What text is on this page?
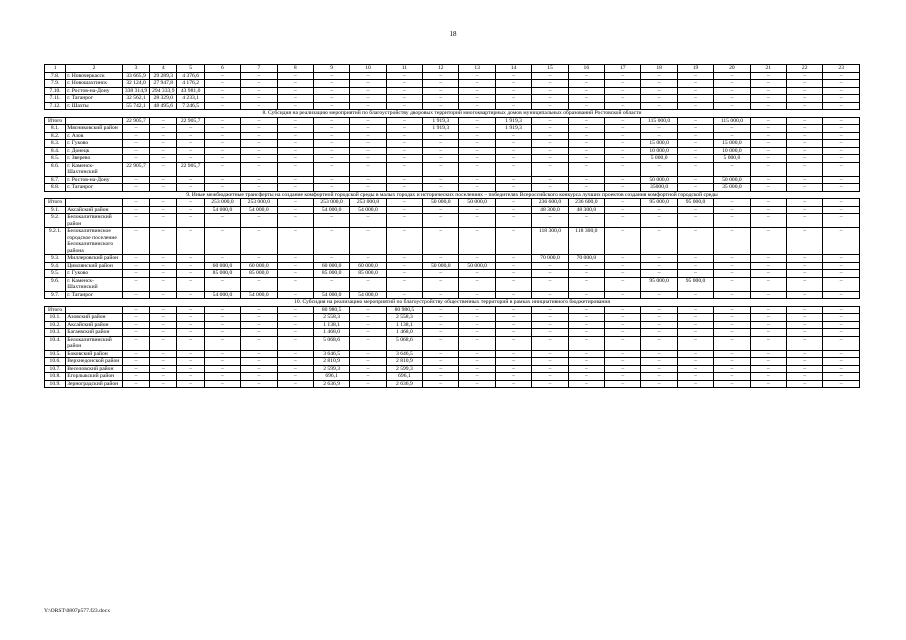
18
1	2	3	4	5	6	7	8	9	10	11	12	13	14	15	16	17	18	19	20	21	22	23
7.8.	г. Новочеркасск	33 665,9	29 289,3	4 376,6	–	–	–	–	–	–	–	–	–	–	–	–	–	–	–	–	–	–
7.9.	г. Новошахтинск	32 124,0	27 947,8	4 176,2	–	–	–	–	–	–	–	–	–	–	–	–	–	–	–	–	–	–
7.10.	г. Ростов-на-Дону	338 314,9	294 333,9	43 981,0	–	–	–	–	–	–	–	–	–	–	–	–	–	–	–	–	–	–
7.11.	г. Таганрог	32 562,1	28 329,0	4 233,1	–	–	–	–	–	–	–	–	–	–	–	–	–	–	–	–	–	–
7.12.	г. Шахты	55 742,1	48 495,6	7 246,5	–	–	–	–	–	–	–	–	–	–	–	–	–	–	–	–	–	–
8. Субсидия на реализацию мероприятий по благоустройству дворовых территорий многоквартирных домов муниципальных образований Ростовской области																						
Итого		22 905,7	–	22 905,7	–	–	–	–	–	–	1 919,3	–	1 919,3	–	–	–	115 000,0	–	115 000,0	–	–	–
8.1.	Мясниковский район	–	–	–	–	–	–	–	–	–	1 919,3	–	1 919,3	–	–	–	–	–	–	–	–	–
8.2.	г. Азов	–	–	–	–	–	–	–	–	–	–	–	–	–	–	–	–	–	–	–	–	–
8.3.	г. Гуково	–	–	–	–	–	–	–	–	–	–	–	–	–	–	–	15 000,0	–	15 000,0	–	–	–
8.4.	г. Донецк	–	–	–	–	–	–	–	–	–	–	–	–	–	–	–	10 000,0	–	10 000,0	–	–	–
8.5.	г. Зверево	–	–	–	–	–	–	–	–	–	–	–	–	–	–	–	5 000,0	–	5 000,0	–	–	–
8.6.	г. Каменск-Шахтинский	22 905,7	–	22 905,7	–	–	–	–	–	–	–	–	–	–	–	–	–	–	–	–	–	–
8.7.	г. Ростов-на-Дону	–	–	–	–	–	–	–	–	–	–	–	–	–	–	–	50 000,0	–	50 000,0	–	–	–
8.8.	г. Таганрог	–	–	–	–	–	–	–	–	–	–	–	–	–	–	–	35000,0	–	35 000,0	–	–	–
9. Иные межбюджетные трансферты на создание комфортной городской среды в малых городах и исторических поселениях – победителях Всероссийского конкурса лучших проектов создания комфортной городской среды																						
Итого		–	–	–	253 000,0	253 000,0	–	253 000,0	253 000,0	–	50 000,0	50 000,0	–	236 600,0	236 600,0	–	95 000,0	95 000,0	–	–	–	–
9.1.	Аксайский район	–	–	–	54 000,0	54 000,0	–	54 000,0	54 000,0	–	–	–	–	48 300,0	48 300,0	–	–	–	–	–	–	–
9.2.	Белокалитвинский район	–	–	–	–	–	–	–	–	–	–	–	–	–	–	–	–	–	–	–	–	–
9.2.1.	Белокалитвинское городское поселение Белокалитвинского района	–	–	–	–	–	–	–	–	–	–	–	–	118 300,0	118 300,0	–	–	–	–	–	–	–
9.3.	Миллеровский район	–	–	–	–	–	–	–	–	–	–	–	–	70 000,0	70 000,0	–	–	–	–	–	–	–
9.4.	Цимлянский район	–	–	–	60 000,0	60 000,0	–	60 000,0	60 000,0	–	50 000,0	50 000,0	–	–	–	–	–	–	–	–	–	–
9.5.	г. Гуково	–	–	–	85 000,0	85 000,0	–	85 000,0	85 000,0	–	–	–	–	–	–	–	–	–	–	–	–	–
9.6.	г. Каменск-Шахтинский	–	–	–	–	–	–	–	–	–	–	–	–	–	–	–	95 000,0	95 000,0	–	–	–	–
9.7.	г. Таганрог	–	–	–	54 000,0	54 000,0	–	54 000,0	54 000,0	–	–	–	–	–	–	–	–	–	–	–	–	–
10. Субсидия на реализацию мероприятий по благоустройству общественных территорий в рамках инициативного бюджетирования																						
Итого		–	–	–	–	–	–	80 980,5	–	80 980,5	–	–	–	–	–	–	–	–	–	–	–	–
10.1.	Азовский район	–	–	–	–	–	–	2 558,3	–	2 558,3	–	–	–	–	–	–	–	–	–	–	–	–
10.2.	Аксайский район	–	–	–	–	–	–	1 138,1	–	1 138,1	–	–	–	–	–	–	–	–	–	–	–	–
10.3.	Багаевский район	–	–	–	–	–	–	1 468,0	–	1 468,0	–	–	–	–	–	–	–	–	–	–	–	–
10.4.	Белокалитвинский район	–	–	–	–	–	–	5 068,6	–	5 068,6	–	–	–	–	–	–	–	–	–	–	–	–
10.5.	Боковский район	–	–	–	–	–	–	3 646,5	–	3 646,5	–	–	–	–	–	–	–	–	–	–	–	–
10.6.	Верхнедонской район	–	–	–	–	–	–	2 810,9	–	2 810,9	–	–	–	–	–	–	–	–	–	–	–	–
10.7.	Веселовский район	–	–	–	–	–	–	2 599,3	–	2 599,3	–	–	–	–	–	–	–	–	–	–	–	–
10.8.	Егорлыкский район	–	–	–	–	–	–	696,1	–	696,1	–	–	–	–	–	–	–	–	–	–	–	–
10.9.	Зерноградский район	–	–	–	–	–	–	2 636,9	–	2 636,9	–	–	–	–	–	–	–	–	–	–	–	–
Y:\ORST\0807p577.f23.docx
